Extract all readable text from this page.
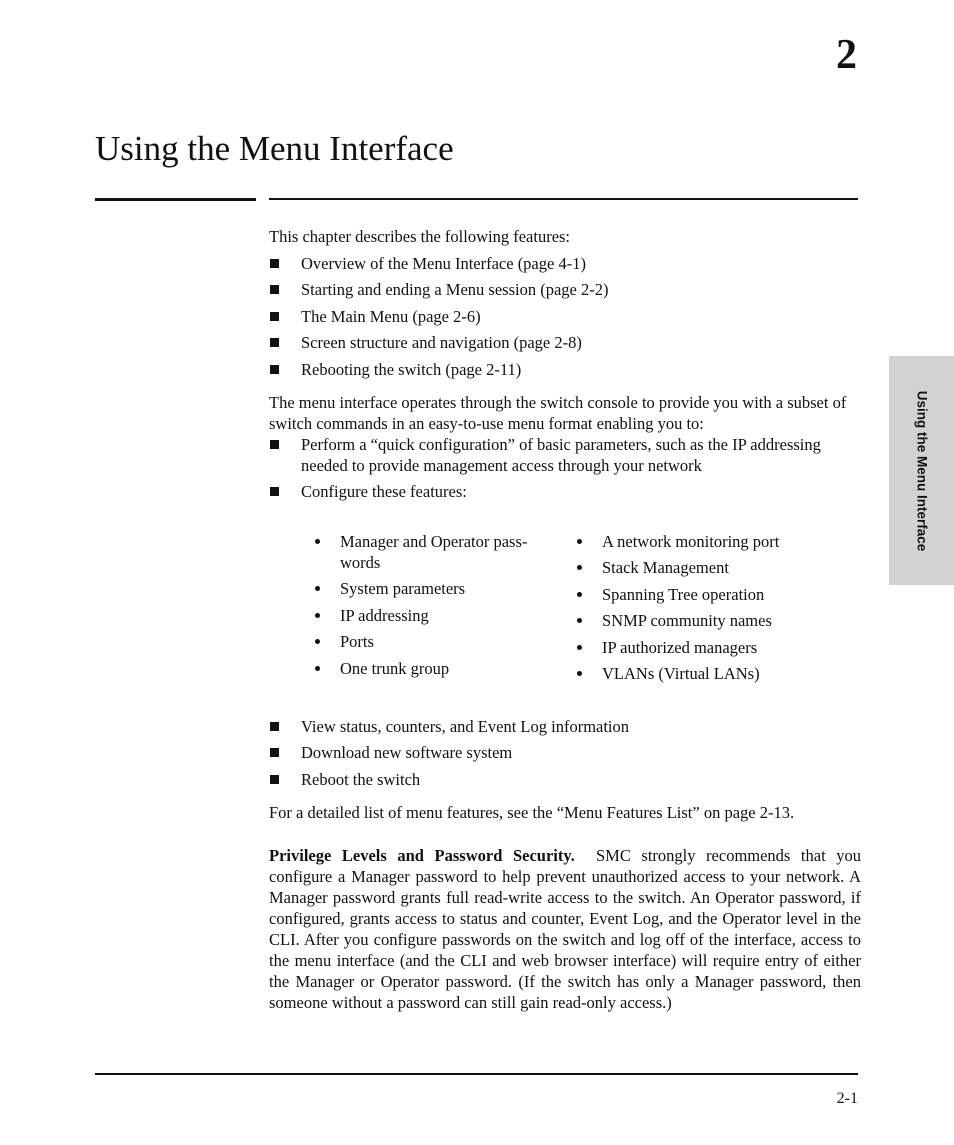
2
Using the Menu Interface
Using the Menu Interface

This chapter describes the following features:

Overview of the Menu Interface (page 4-1)
Starting and ending a Menu session (page 2-2)
The Main Menu (page 2-6)
Screen structure and navigation (page 2-8)
Rebooting the switch (page 2-11)

The menu interface operates through the switch console to provide you with a subset of switch commands in an easy-to-use menu format enabling you to:

Perform a “quick configuration” of basic parameters, such as the IP addressing needed to provide management access through your network
Configure these features:
Manager and Operator pass-
words
System parameters
IP addressing
Ports
One trunk group
A network monitoring port
Stack Management
Spanning Tree operation
SNMP community names
IP authorized managers
VLANs (Virtual LANs)
View status, counters, and Event Log information
Download new software system
Reboot the switch

For a detailed list of menu features, see the “Menu Features List” on page 2-13.

Privilege Levels and Password Security. SMC strongly recommends that you configure a Manager password to help prevent unauthorized access to your network. A Manager password grants full read-write access to the switch. An Operator password, if configured, grants access to status and counter, Event Log, and the Operator level in the CLI. After you configure passwords on the switch and log off of the interface, access to the menu interface (and the CLI and web browser interface) will require entry of either the Manager or Operator password. (If the switch has only a Manager password, then someone without a password can still gain read-only access.)

2-1
